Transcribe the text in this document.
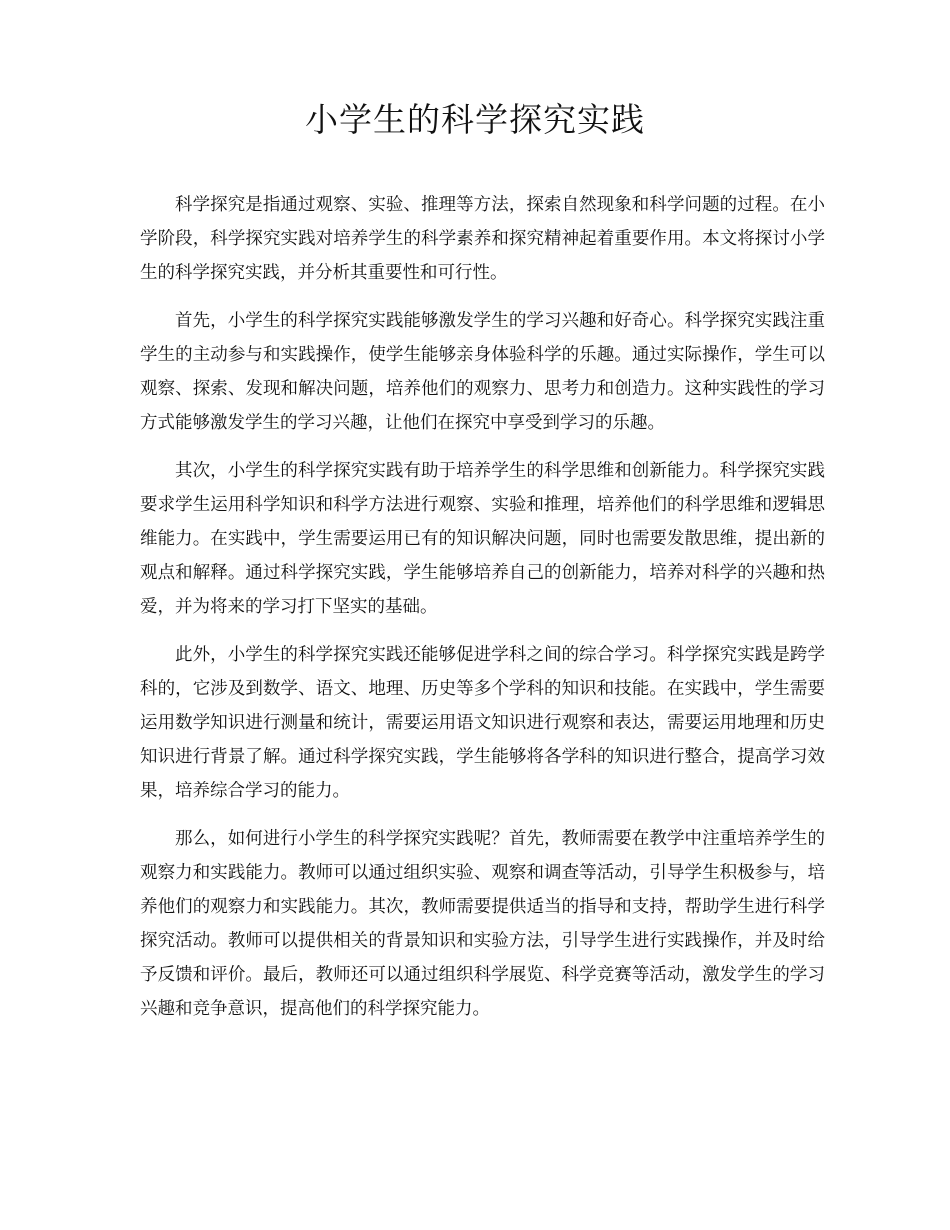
小学生的科学探究实践

科学探究是指通过观察、实验、推理等方法，探索自然现象和科学问题的过程。在小学阶段，科学探究实践对培养学生的科学素养和探究精神起着重要作用。本文将探讨小学生的科学探究实践，并分析其重要性和可行性。

首先，小学生的科学探究实践能够激发学生的学习兴趣和好奇心。科学探究实践注重学生的主动参与和实践操作，使学生能够亲身体验科学的乐趣。通过实际操作，学生可以观察、探索、发现和解决问题，培养他们的观察力、思考力和创造力。这种实践性的学习方式能够激发学生的学习兴趣，让他们在探究中享受到学习的乐趣。

其次，小学生的科学探究实践有助于培养学生的科学思维和创新能力。科学探究实践要求学生运用科学知识和科学方法进行观察、实验和推理，培养他们的科学思维和逻辑思维能力。在实践中，学生需要运用已有的知识解决问题，同时也需要发散思维，提出新的观点和解释。通过科学探究实践，学生能够培养自己的创新能力，培养对科学的兴趣和热爱，并为将来的学习打下坚实的基础。

此外，小学生的科学探究实践还能够促进学科之间的综合学习。科学探究实践是跨学科的，它涉及到数学、语文、地理、历史等多个学科的知识和技能。在实践中，学生需要运用数学知识进行测量和统计，需要运用语文知识进行观察和表达，需要运用地理和历史知识进行背景了解。通过科学探究实践，学生能够将各学科的知识进行整合，提高学习效果，培养综合学习的能力。

那么，如何进行小学生的科学探究实践呢？首先，教师需要在教学中注重培养学生的观察力和实践能力。教师可以通过组织实验、观察和调查等活动，引导学生积极参与，培养他们的观察力和实践能力。其次，教师需要提供适当的指导和支持，帮助学生进行科学探究活动。教师可以提供相关的背景知识和实验方法，引导学生进行实践操作，并及时给予反馈和评价。最后，教师还可以通过组织科学展览、科学竞赛等活动，激发学生的学习兴趣和竞争意识，提高他们的科学探究能力。
